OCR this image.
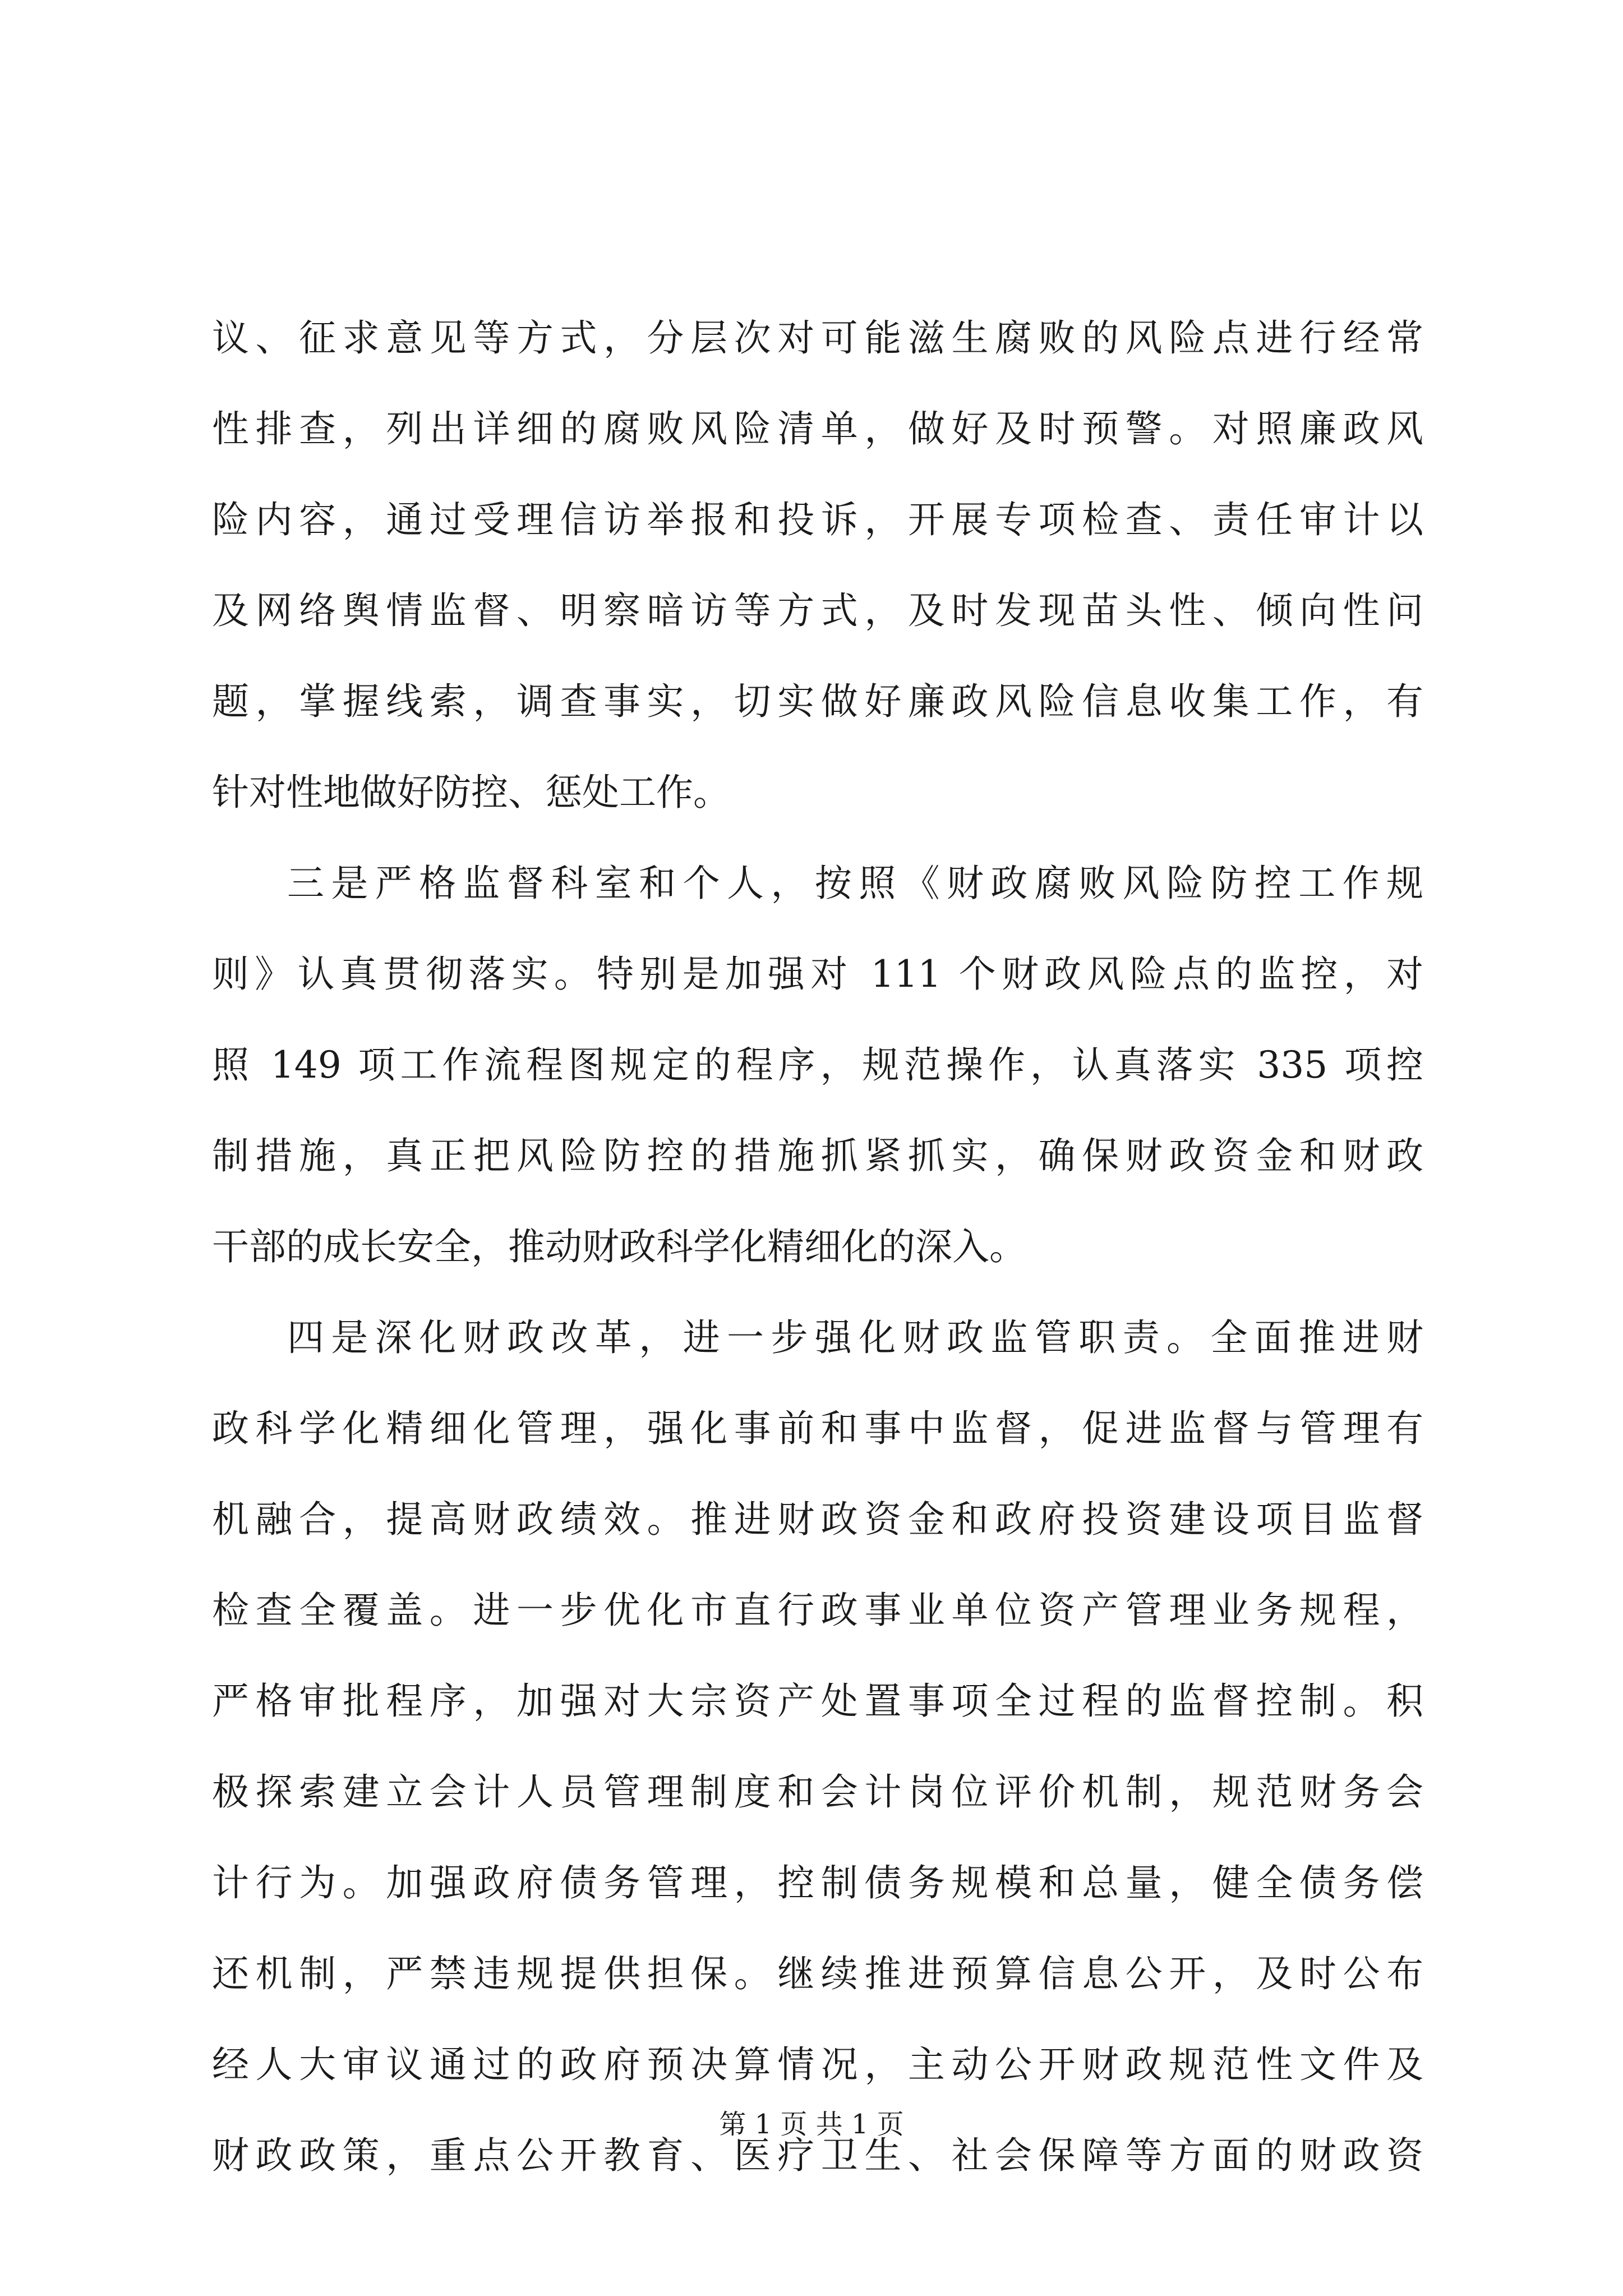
议、征求意见等方式，分层次对可能滋生腐败的风险点进行经常
性排查，列出详细的腐败风险清单，做好及时预警。对照廉政风
险内容，通过受理信访举报和投诉，开展专项检查、责任审计以
及网络舆情监督、明察暗访等方式，及时发现苗头性、倾向性问
题，掌握线索，调查事实，切实做好廉政风险信息收集工作，有
针对性地做好防控、惩处工作。
三是严格监督科室和个人，按照《财政腐败风险防控工作规
则》认真贯彻落实。特别是加强对 111 个财政风险点的监控，对
照 149 项工作流程图规定的程序，规范操作，认真落实 335 项控
制措施，真正把风险防控的措施抓紧抓实，确保财政资金和财政
干部的成长安全，推动财政科学化精细化的深入。
四是深化财政改革，进一步强化财政监管职责。全面推进财
政科学化精细化管理，强化事前和事中监督，促进监督与管理有
机融合，提高财政绩效。推进财政资金和政府投资建设项目监督
检查全覆盖。进一步优化市直行政事业单位资产管理业务规程，
严格审批程序，加强对大宗资产处置事项全过程的监督控制。积
极探索建立会计人员管理制度和会计岗位评价机制，规范财务会
计行为。加强政府债务管理，控制债务规模和总量，健全债务偿
还机制，严禁违规提供担保。继续推进预算信息公开，及时公布
经人大审议通过的政府预决算情况，主动公开财政规范性文件及
财政政策，重点公开教育、医疗卫生、社会保障等方面的财政资
第 1 页 共 1 页
